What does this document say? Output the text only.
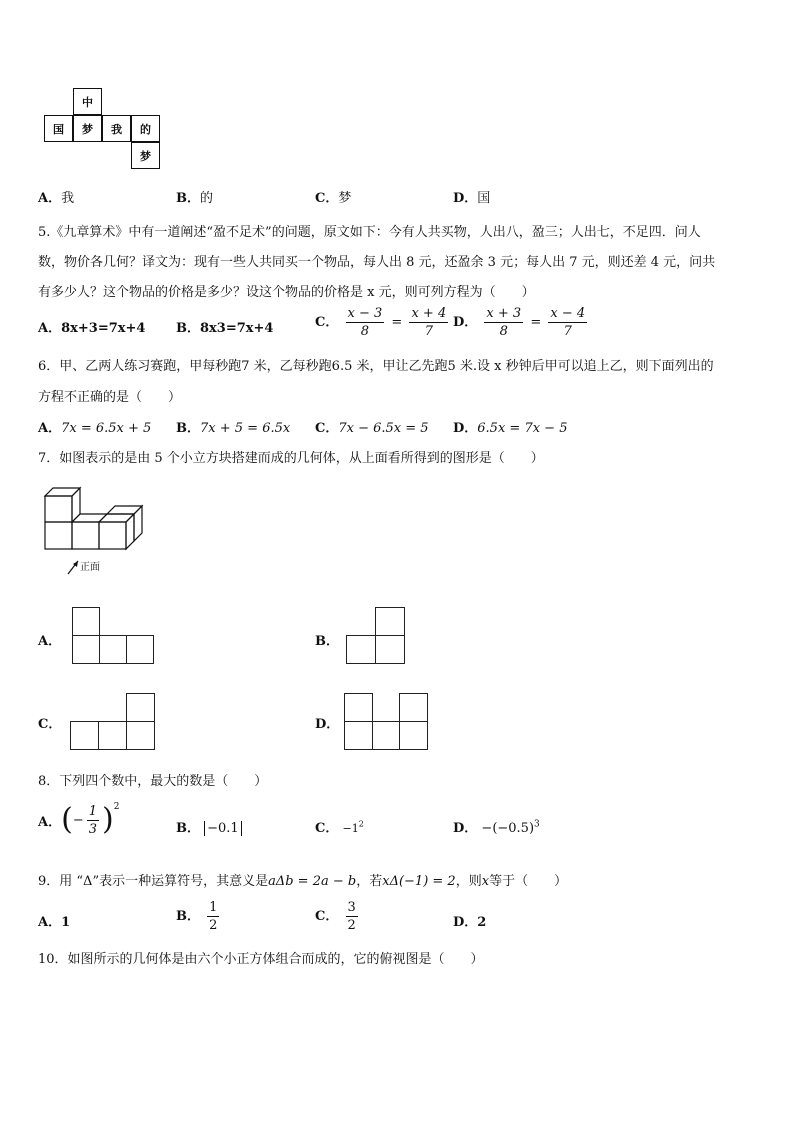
中
国	梦	我	的
梦
A．我	B．的	C．梦	D．国
5.《九章算术》中有一道阐述“盈不足术”的问题，原文如下：今有人共买物，人出八，盈三；人出七，不足四．问人
数，物价各几何？译文为：现有一些人共同买一个物品，每人出 8 元，还盈余 3 元；每人出 7 元，则还差 4 元，问共
有多少人？这个物品的价格是多少？设这个物品的价格是 x 元，则可列方程为（　　）
A．8x+3=7x+4 B．8x3=7x+4	C． $\frac{x - 3}{8} = \frac{x + 4}{7}$ D． $\frac{x + 3}{8} = \frac{x - 4}{7}$
6．甲、乙两人练习赛跑，甲每秒跑7 米，乙每秒跑6.5 米，甲让乙先跑5 米.设 x 秒钟后甲可以追上乙，则下面列出的
方程不正确的是（　　）
A．7x = 6.5x + 5 B．7x + 5 = 6.5x C．7x − 6.5x = 5 D．6.5x = 7x − 5
7．如图表示的是由 5 个小立方块搭建而成的几何体，从上面看所得到的图形是（　　）
正面
A．	B．
C．	D．
8．下列四个数中，最大的数是（　　）
A． ( − $\frac{1}{3}$ ) 2
B． −0.1	C． $-1^2$	D． $-(-0.5)^3$
9．用 “Δ”表示一种运算符号，其意义是aΔb = 2a − b，若xΔ(−1) = 2，则x等于（　　）
A．1	B． $\frac{1}{2}$	C． $\frac{3}{2}$	D．2
10．如图所示的几何体是由六个小正方体组合而成的，它的俯视图是（　　）
